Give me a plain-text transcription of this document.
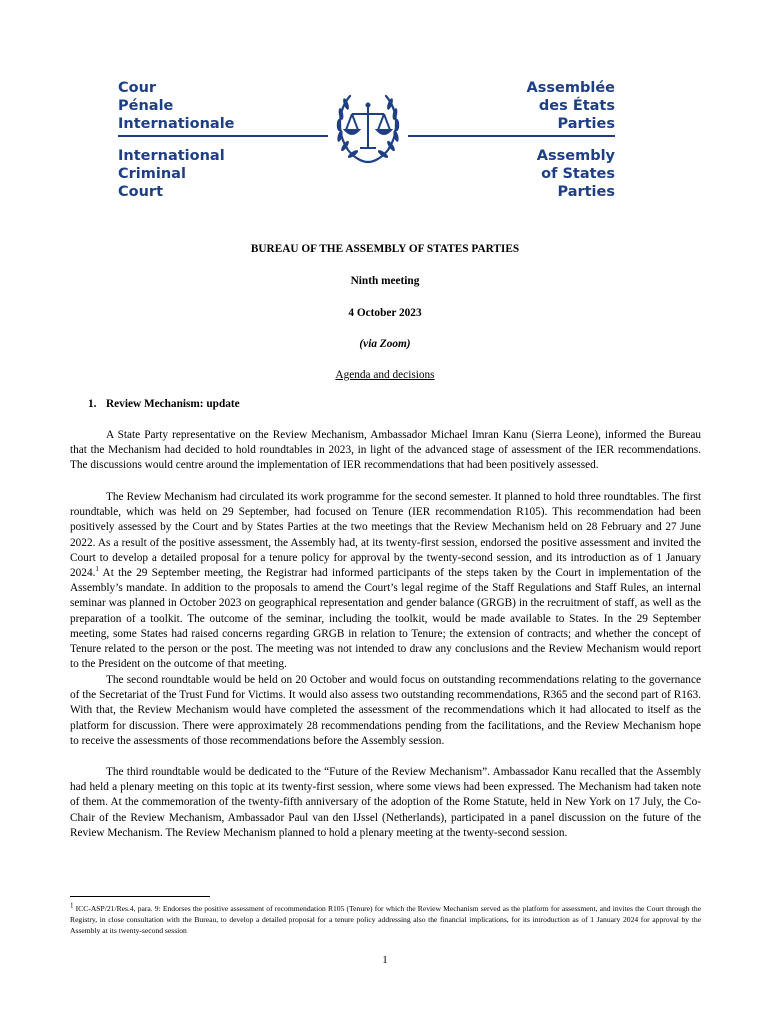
Cour
Pénale
Internationale
Assemblée
des États
Parties
International
Criminal
Court
Assembly
of States
Parties
BUREAU OF THE ASSEMBLY OF STATES PARTIES
Ninth meeting
4 October 2023
(via Zoom)
Agenda and decisions
1. Review Mechanism: update

A State Party representative on the Review Mechanism, Ambassador Michael Imran Kanu (Sierra Leone), informed the Bureau that the Mechanism had decided to hold roundtables in 2023, in light of the advanced stage of assessment of the IER recommendations. The discussions would centre around the implementation of IER recommendations that had been positively assessed.

The Review Mechanism had circulated its work programme for the second semester. It planned to hold three roundtables. The first roundtable, which was held on 29 September, had focused on Tenure (IER recommendation R105). This recommendation had been positively assessed by the Court and by States Parties at the two meetings that the Review Mechanism held on 28 February and 27 June 2022. As a result of the positive assessment, the Assembly had, at its twenty-first session, endorsed the positive assessment and invited the Court to develop a detailed proposal for a tenure policy for approval by the twenty-second session, and its introduction as of 1 January 2024.$^1$ At the 29 September meeting, the Registrar had informed participants of the steps taken by the Court in implementation of the Assembly’s mandate. In addition to the proposals to amend the Court’s legal regime of the Staff Regulations and Staff Rules, an internal seminar was planned in October 2023 on geographical representation and gender balance (GRGB) in the recruitment of staff, as well as the preparation of a toolkit. The outcome of the seminar, including the toolkit, would be made available to States. In the 29 September meeting, some States had raised concerns regarding GRGB in relation to Tenure; the extension of contracts; and whether the concept of Tenure related to the person or the post. The meeting was not intended to draw any conclusions and the Review Mechanism would report to the President on the outcome of that meeting.

The second roundtable would be held on 20 October and would focus on outstanding recommendations relating to the governance of the Secretariat of the Trust Fund for Victims. It would also assess two outstanding recommendations, R365 and the second part of R163. With that, the Review Mechanism would have completed the assessment of the recommendations which it had allocated to itself as the platform for discussion. There were approximately 28 recommendations pending from the facilitations, and the Review Mechanism hope to receive the assessments of those recommendations before the Assembly session.

The third roundtable would be dedicated to the “Future of the Review Mechanism”. Ambassador Kanu recalled that the Assembly had held a plenary meeting on this topic at its twenty-first session, where some views had been expressed. The Mechanism had taken note of them. At the commemoration of the twenty-fifth anniversary of the adoption of the Rome Statute, held in New York on 17 July, the Co-Chair of the Review Mechanism, Ambassador Paul van den IJssel (Netherlands), participated in a panel discussion on the future of the Review Mechanism. The Review Mechanism planned to hold a plenary meeting at the twenty-second session.

$^1$ ICC-ASP/21/Res.4, para. 9: Endorses the positive assessment of recommendation R105 (Tenure) for which the Review Mechanism served as the platform for assessment, and invites the Court through the Registry, in close consultation with the Bureau, to develop a detailed proposal for a tenure policy addressing also the financial implications, for its introduction as of 1 January 2024 for approval by the Assembly at its twenty-second session

1
